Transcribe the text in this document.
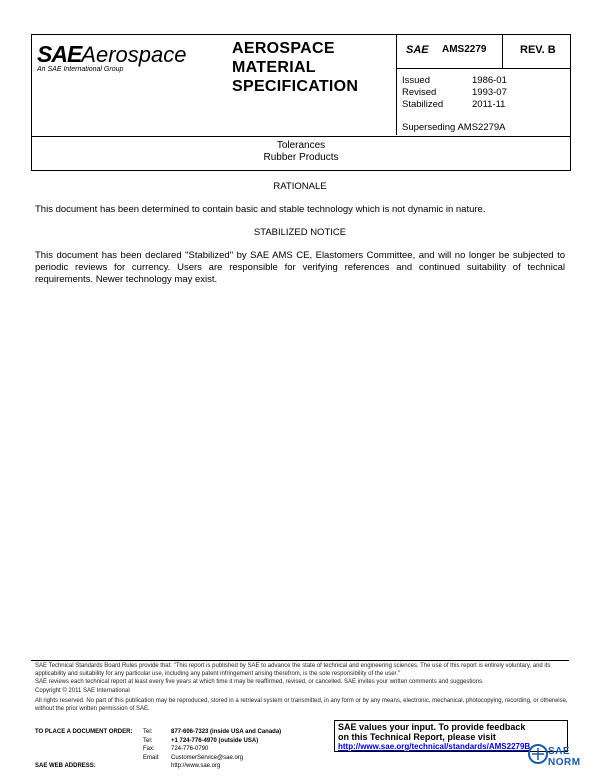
SAEAerospace
An SAE International Group
AEROSPACE
MATERIAL
SPECIFICATION
SAE AMS2279	REV. B
Issued	1986-01
Revised	1993-07
Stabilized	2011-11
Superseding AMS2279A
Tolerances
Rubber Products
RATIONALE
This document has been determined to contain basic and stable technology which is not dynamic in nature.
STABILIZED NOTICE
This document has been declared "Stabilized" by SAE AMS CE, Elastomers Committee, and will no longer be subjected to periodic reviews for currency. Users are responsible for verifying references and continued suitability of technical requirements. Newer technology may exist.
SAE Technical Standards Board Rules provide that: "This report is published by SAE to advance the state of technical and engineering sciences. The use of this report is entirely voluntary, and its applicability and suitability for any particular use, including any patent infringement arising therefrom, is the sole responsibility of the user."
SAE reviews each technical report at least every five years at which time it may be reaffirmed, revised, or cancelled. SAE invites your written comments and suggestions.
Copyright © 2011 SAE International
All rights reserved. No part of this publication may be reproduced, stored in a retrieval system or transmitted, in any form or by any means, electronic, mechanical, photocopying, recording, or otherwise, without the prior written permission of SAE.
TO PLACE A DOCUMENT ORDER:	Tel:	877-606-7323 (inside USA and Canada)
Tel:	+1 724-776-4970 (outside USA)
Fax:	724-776-0790
Email:	CustomerService@sae.org
SAE WEB ADDRESS:	http://www.sae.org
SAE values your input. To provide feedback
on this Technical Report, please visit
http://www.sae.org/technical/standards/AMS2279B	SAE NORM
